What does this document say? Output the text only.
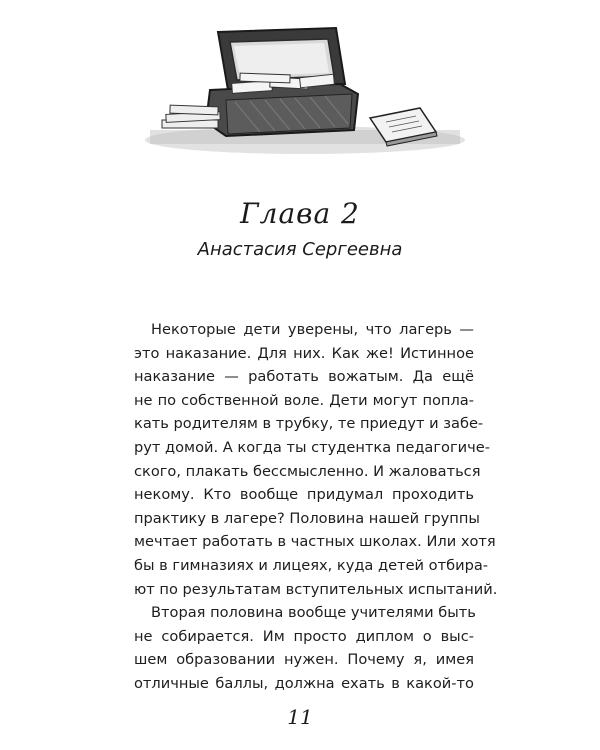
Глава 2
Анастасия Сергеевна
Некоторые дети уверены, что лагерь —
это наказание. Для них. Как же! Истинное
наказание — работать вожатым. Да ещё
не по собственной воле. Дети могут попла-
кать родителям в трубку, те приедут и забе-
рут домой. А когда ты студентка педагогиче-
ского, плакать бессмысленно. И жаловаться
некому. Кто вообще придумал проходить
практику в лагере? Половина нашей группы
мечтает работать в частных школах. Или хотя
бы в гимназиях и лицеях, куда детей отбира-
ют по результатам вступительных испытаний.
Вторая половина вообще учителями быть
не собирается. Им просто диплом о выс-
шем образовании нужен. Почему я, имея
отличные баллы, должна ехать в какой-то
11
